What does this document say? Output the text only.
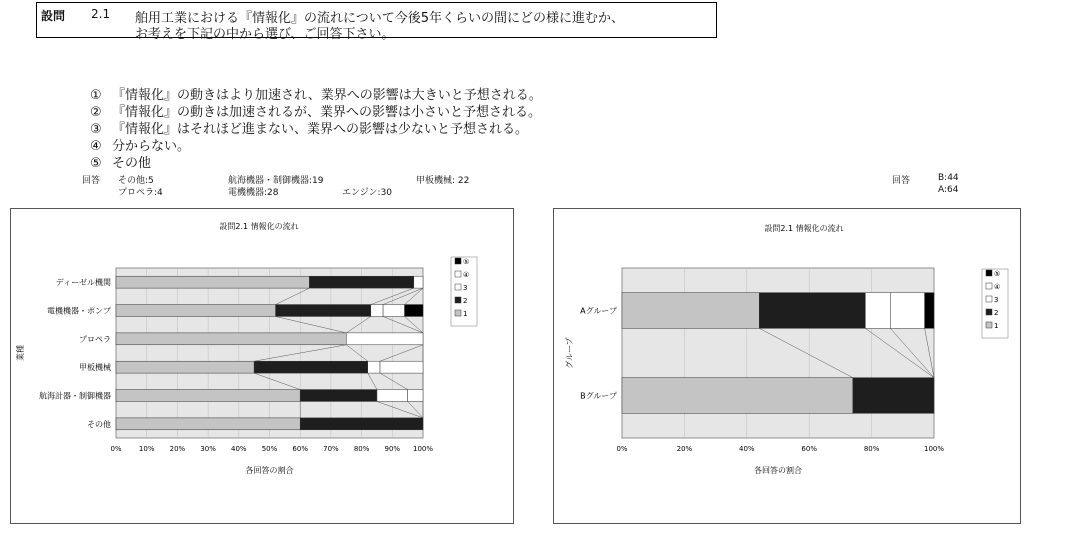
設問 2.1 舶用工業における『情報化』の流れについて今後5年くらいの間にどの様に進むか、
お考えを下記の中から選び、ご回答下さい。
① 『情報化』の動きはより加速され、業界への影響は大きいと予想される。
② 『情報化』の動きは加速されるが、業界への影響は小さいと予想される。
③ 『情報化』はそれほど進まない、業界への影響は少ないと予想される。
④ 分からない。
⑤ その他
回答 その他:5	航海機器・制御機器:19	甲板機械: 22
プロペラ:4	電機機器:28	エンジン:30
回答	B:44
A:64
設問2.1 情報化の流れ
ディーゼル機関
電機機器・ポンプ
プロペラ
甲板機械
航海計器・制御機器
その他
0% 10% 20% 30% 40% 50% 60% 70% 80% 90% 100%
各回答の割合
業種
⑤
④
3
2
1
設問2.1 情報化の流れ
Aグループ
Bグループ
0%	20%	40%	60%	80%	100%
各回答の割合
グループ
⑤
④
3
2
1
